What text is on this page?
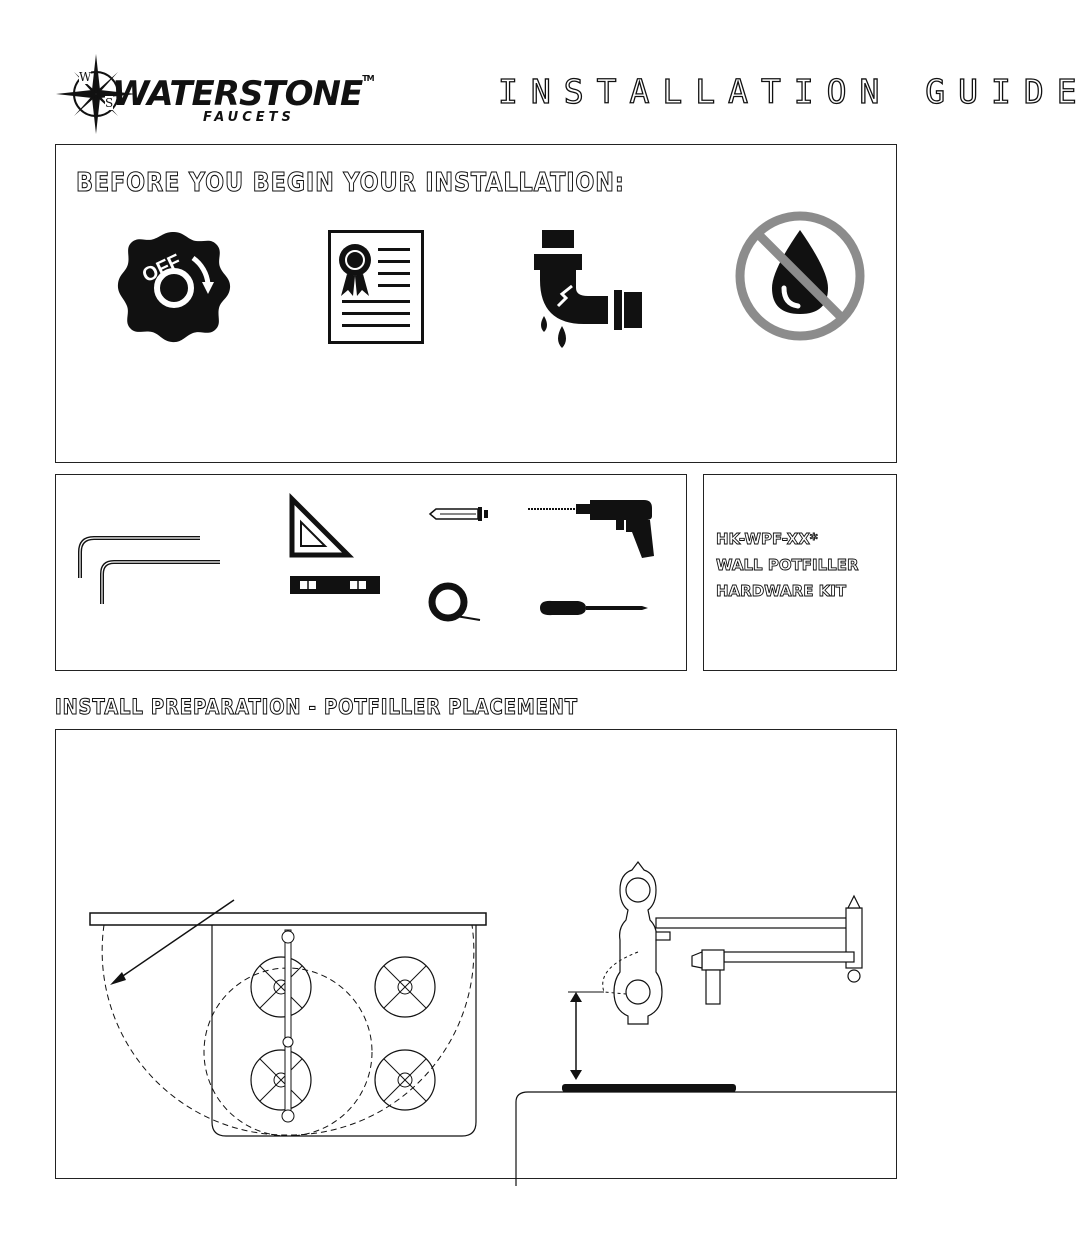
W
S
WATERSTONE™
FAUCETS
INSTALLATION GUIDE
BEFORE YOU BEGIN YOUR INSTALLATION:
OFF
HK-WPF-XX*
WALL POTFILLER
HARDWARE KIT
INSTALL PREPARATION - POTFILLER PLACEMENT
